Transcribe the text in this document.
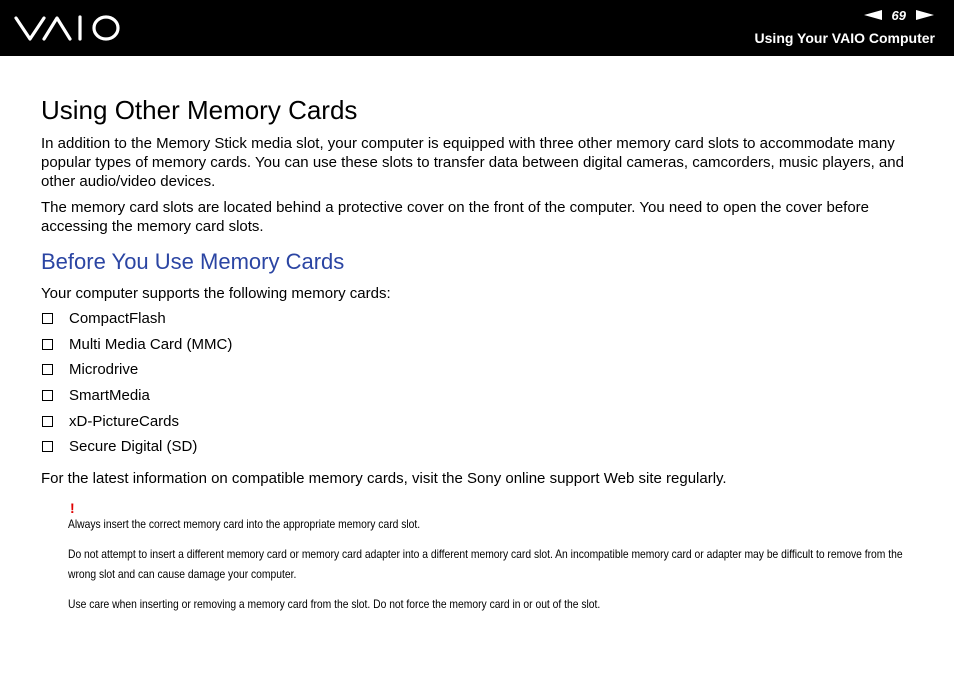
69
Using Your VAIO Computer
Using Other Memory Cards

In addition to the Memory Stick media slot, your computer is equipped with three other memory card slots to accommodate many popular types of memory cards. You can use these slots to transfer data between digital cameras, camcorders, music players, and other audio/video devices.

The memory card slots are located behind a protective cover on the front of the computer. You need to open the cover before accessing the memory card slots.

Before You Use Memory Cards

Your computer supports the following memory cards:

CompactFlash
Multi Media Card (MMC)
Microdrive
SmartMedia
xD-PictureCards
Secure Digital (SD)

For the latest information on compatible memory cards, visit the Sony online support Web site regularly.

!

Always insert the correct memory card into the appropriate memory card slot.

Do not attempt to insert a different memory card or memory card adapter into a different memory card slot. An incompatible memory card or adapter may be difficult to remove from the wrong slot and can cause damage your computer.

Use care when inserting or removing a memory card from the slot. Do not force the memory card in or out of the slot.
